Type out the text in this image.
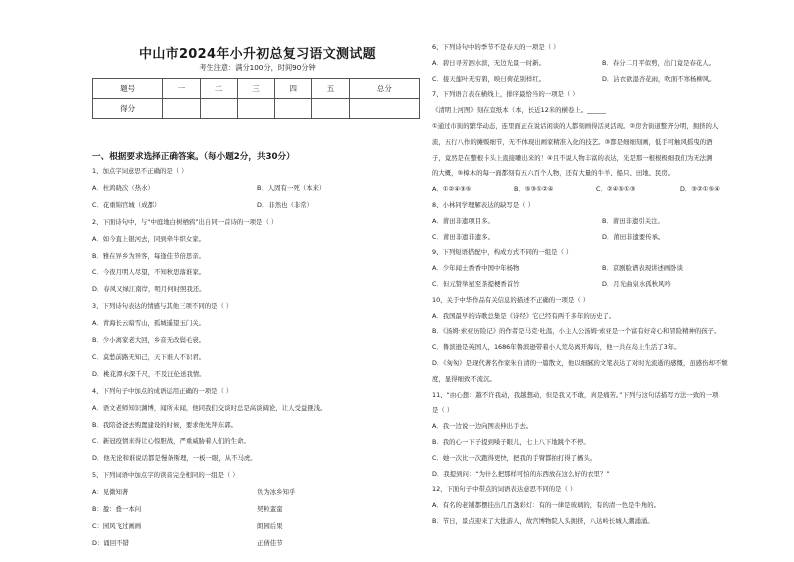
中山市2024年小升初总复习语文测试题
考生注意：满分100分，时间90分钟
题号	一	二	三	四	五	总分
得分						
一、根据要求选择正确答案。（每小题2分，共30分）
1、加点字词意思不正确的是（ ）
A．杜鸿晓次（热水）	B．人固有一死（本来）
C．花重锦官城（成都）	D．非然也（非常）
2、下面诗句中，与“中庭地白树栖鸦”出自同一首诗的一项是（ ）
A．如今直上银河去，同到牵牛织女家。
B．雅在异乡为异客，每逢佳节倍思亲。
C．今夜月明人尽望，不知秋思落谁家。
D．春风又绿江南岸，明月何时照我还。
3、下列诗句表达的情感与其他三项不同的是（ ）
A．青海长云暗雪山，孤城遥望玉门关。
B．少小离家老大回，乡音无改鬓毛衰。
C．莫愁前路无知己，天下谁人不识君。
D．桃花潭水深千尺，不及汪伦送我情。
4、下列句子中加点的成语运用正确的一项是（ ）
A．语文老师知识渊博，闻所未闻，他同我们交谈时总是高谈阔论，让人受益匪浅。
B．我陪爸爸去购置建设的时候，要求他先拜东郭。
C．新冠疫情来得让心惊胆战，严重威胁着人们的生命。
D．他无论和谁说话都是慢条斯理，一板一眼，从不马虎。
5、下列词语中加点字的读音完全相同的一组是（ ）
A：见微知著	负为冰乡知乎
B：盈：叠一本问	契粒蛮蛮
C：园风飞过画画	朗园后果
D：诵回不错	正倩佳节
6、下列诗句中的季节不是春天的一项是（ ）
A．碧日寻芳泗水滨，无边光景一时新。	B．春分二月平似剪，出门竟是春花人。
C．接天莲叶无穷碧，映日荷花别样红。	D．沾衣欲湿杏花雨，吹面不寒杨柳风。
7、下列语言表在横线上，排序最恰当的一项是（ ）
《清明上河图》刻在宣纸本（本，长近12米的横卷上。______
①通过市街的繁华动态，连里面正在说话闲谈的人都刻画得活灵活现。②房舍街道整齐分明，拥挤的人
流，五行八作的摊贩细节，无不体现出画家精准入化的技艺。③都是细细刻画，低手可触风摇曳的酒
子，竟然是在整根卡头上直接雕出来的！④且不说人物丰富的表达，光是那一根根极细我们为无法测
的大概，⑤樟木的每一面都刻有五六百个人物，还有大量的牛羊、船只、田地、民房。
A．①②④③⑤	B．⑤③①②④	C．②④⑤①③	D．③②①⑤④
8、小林同学理解表达的缺写是（ ）
A．莆田非遗项目多。	B．莆田非遗引关注。
C．莆田非遗非遗多。	D．莆田非遗要传承。
9、下列短语搭配中，构成方式不同的一组是（ ）
A．少年闻士香香中国中年杨物	B．京剧脸谱表现讲述画卧谈
C．但元赞举星至茶提梗香首竹	D．月光曲泉水孤秋风吟
10、关于中华作品有关信息的描述不正确的一项是（ ）
A．我国最早的诗歌总集是《诗经》它已经有两千多年的历史了。
B．《汤姆·索亚历险记》的作者是马克·吐温，小主人公汤姆·索亚是一个富有好奇心和冒险精神的孩子。
C．鲁滨逊是英国人，1686年鲁滨逊带着小人荒岛离开海岛，他一共在岛上生活了3年。
D．《匆匆》是现代著名作家朱自清的一篇散文，他以细腻的文笔表达了对时光流逝的感慨，虽感伤却不颓
度，显得细致不流沉。
11、“由心想：越不许我动，我越想动，但是我又不敢，真是痛苦。”下列与这句话描写方法一致的一项
是（ ）
A．我一边说一边向图表伸出手去。
B．我的心一下子提到嗓子眼儿，七上八下地跳个不停。
C．她一次比一次跑得更快，把我的手臂都拍打得了搐头。
D．我提到问：“为什么把那样可怕的东西放在这么好的衣里？”
12、下面句子中带点的词语表达意思不同的是（ ）
A．有名的老铺都摆挂出几百盏彩灯：有的一律是玻璃的，有的清一色是牛角的。
B．节日，景点迎来了大批游人，故宫博物院人头拥挤，八达岭长城人潮涌涌。
